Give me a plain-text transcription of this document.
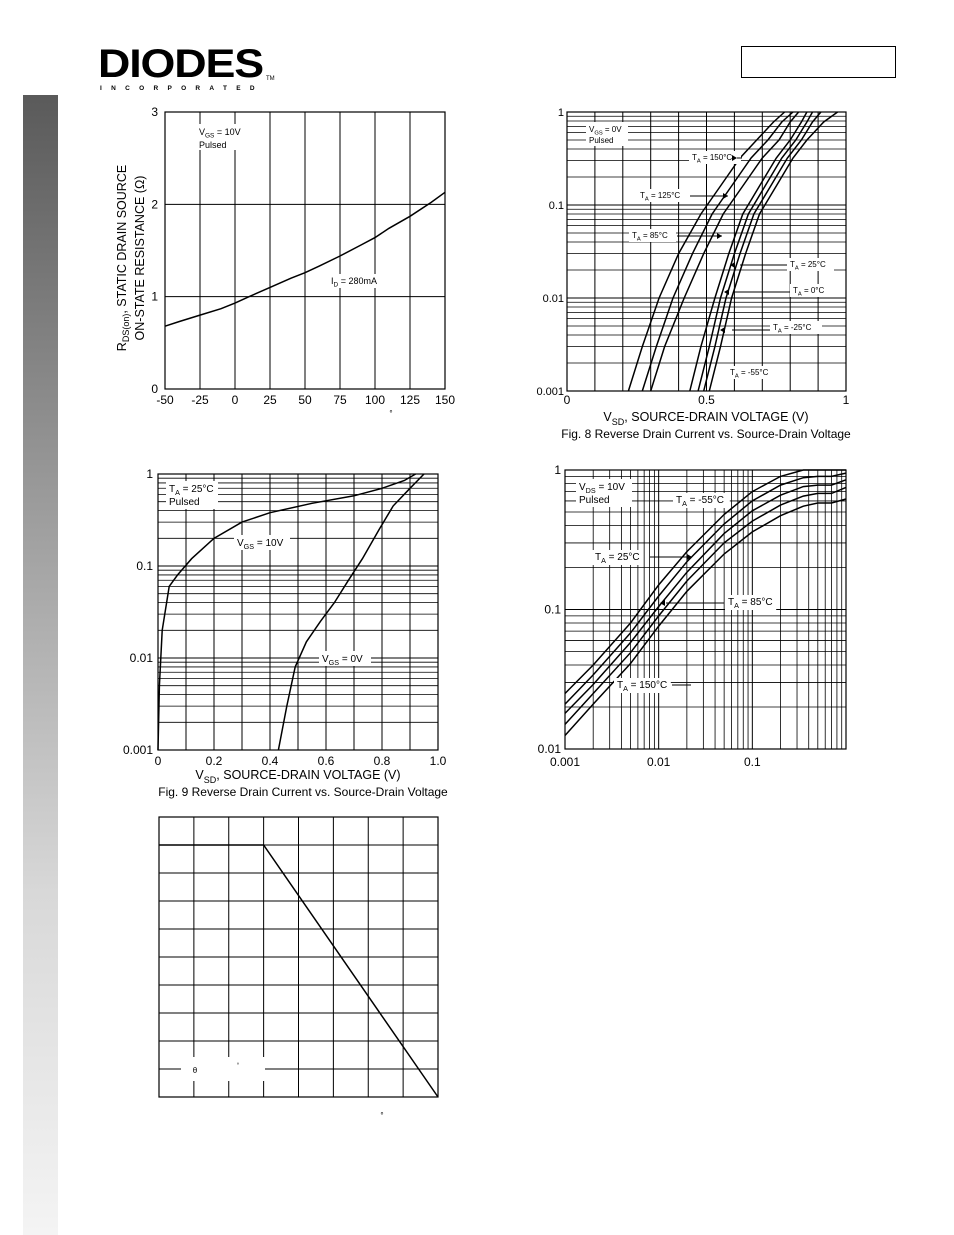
DIODES
INCORPORATED
TM
-50 -25 0 25 50 75 100 125 150
0
1
2
3
$V_{GS} = 10V$
Pulsed
$I_D = 280mA$
$R_{DS(on)}$, STATIC DRAIN SOURCE ON-STATE RESISTANCE (Ω)
°
0	0.5	1
0.001
0.01
0.1
1
$V_{GS} = 0V$
Pulsed
$T_A = 150^\circ C$
$T_A = 125^\circ C$
$T_A = 85^\circ C$
$T_A = 25^\circ C$
$T_A = 0^\circ C$
$T_A = -25^\circ C$
$T_A = -55^\circ C$
$V_{SD}$, SOURCE-DRAIN VOLTAGE (V)
Fig. 8 Reverse Drain Current vs. Source-Drain Voltage
0	0.2	0.4	0.6	0.8	1.0
0.001
0.01
0.1
1
$T_A = 25^\circ C$
Pulsed
$V_{GS} = 10V$
$V_{GS} = 0V$
$V_{SD}$, SOURCE-DRAIN VOLTAGE (V)
Fig. 9 Reverse Drain Current vs. Source-Drain Voltage
0.001	0.01	0.1
0.01
0.1
1
$V_{DS} = 10V$
Pulsed	$T_A = -55^\circ C$
$T_A = 25^\circ C$
$T_A = 85^\circ C$
$T_A = 150^\circ C$
θ	°
°
